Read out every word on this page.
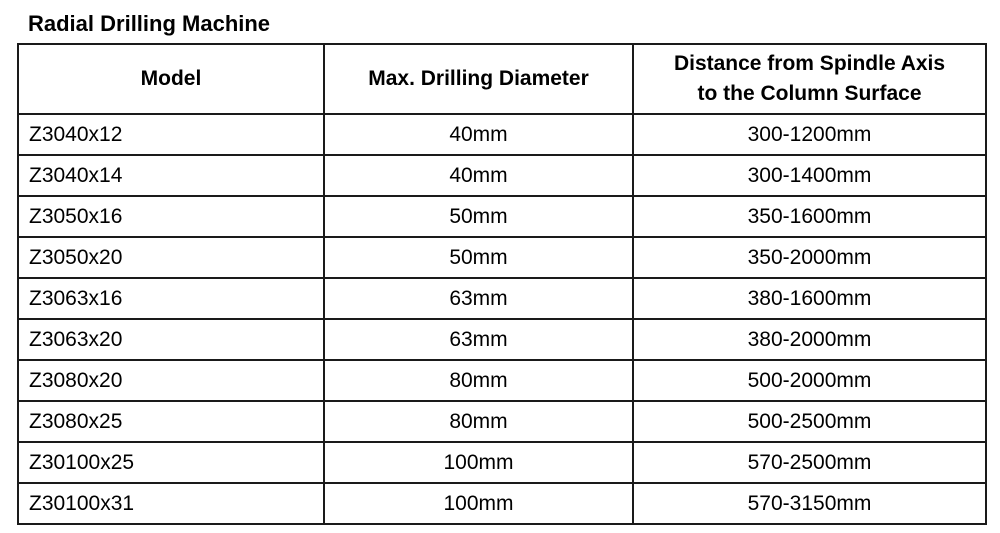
Radial Drilling Machine
Model	Max. Drilling Diameter	Distance from Spindle Axis
to the Column Surface

Z3040x12	40mm	300-1200mm
Z3040x14	40mm	300-1400mm
Z3050x16	50mm	350-1600mm
Z3050x20	50mm	350-2000mm
Z3063x16	63mm	380-1600mm
Z3063x20	63mm	380-2000mm
Z3080x20	80mm	500-2000mm
Z3080x25	80mm	500-2500mm
Z30100x25	100mm	570-2500mm
Z30100x31	100mm	570-3150mm
